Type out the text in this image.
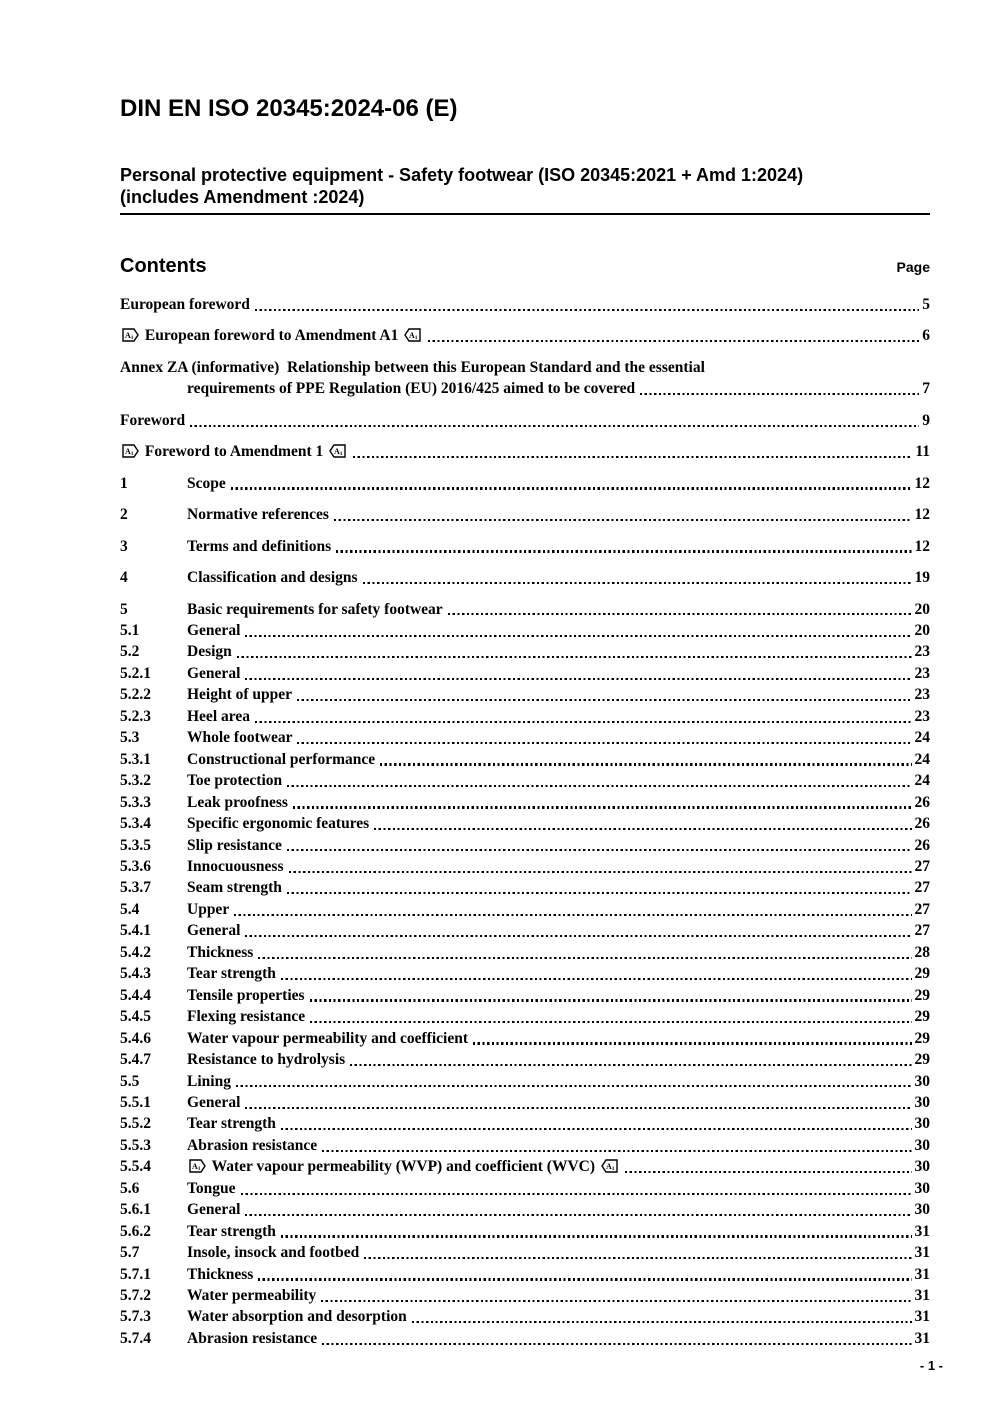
DIN EN ISO 20345:2024-06 (E)
Personal protective equipment - Safety footwear (ISO 20345:2021 + Amd 1:2024)
(includes Amendment :2024)
Contents	Page
European foreword	5
A1 European foreword to Amendment A1 A1	6
Annex ZA (informative)  Relationship between this European Standard and the essential
requirements of PPE Regulation (EU) 2016/425 aimed to be covered	7
Foreword	9
A1 Foreword to Amendment 1 A1	11
1	Scope	12
2	Normative references	12
3	Terms and definitions	12
4	Classification and designs	19
5	Basic requirements for safety footwear	20
5.1	General	20
5.2	Design	23
5.2.1	General	23
5.2.2	Height of upper	23
5.2.3	Heel area	23
5.3	Whole footwear	24
5.3.1	Constructional performance	24
5.3.2	Toe protection	24
5.3.3	Leak proofness	26
5.3.4	Specific ergonomic features	26
5.3.5	Slip resistance	26
5.3.6	Innocuousness	27
5.3.7	Seam strength	27
5.4	Upper	27
5.4.1	General	27
5.4.2	Thickness	28
5.4.3	Tear strength	29
5.4.4	Tensile properties	29
5.4.5	Flexing resistance	29
5.4.6	Water vapour permeability and coefficient	29
5.4.7	Resistance to hydrolysis	29
5.5	Lining	30
5.5.1	General	30
5.5.2	Tear strength	30
5.5.3	Abrasion resistance	30
5.5.4	A1 Water vapour permeability (WVP) and coefficient (WVC) A1	30
5.6	Tongue	30
5.6.1	General	30
5.6.2	Tear strength	31
5.7	Insole, insock and footbed	31
5.7.1	Thickness	31
5.7.2	Water permeability	31
5.7.3	Water absorption and desorption	31
5.7.4	Abrasion resistance	31
- 1 -
